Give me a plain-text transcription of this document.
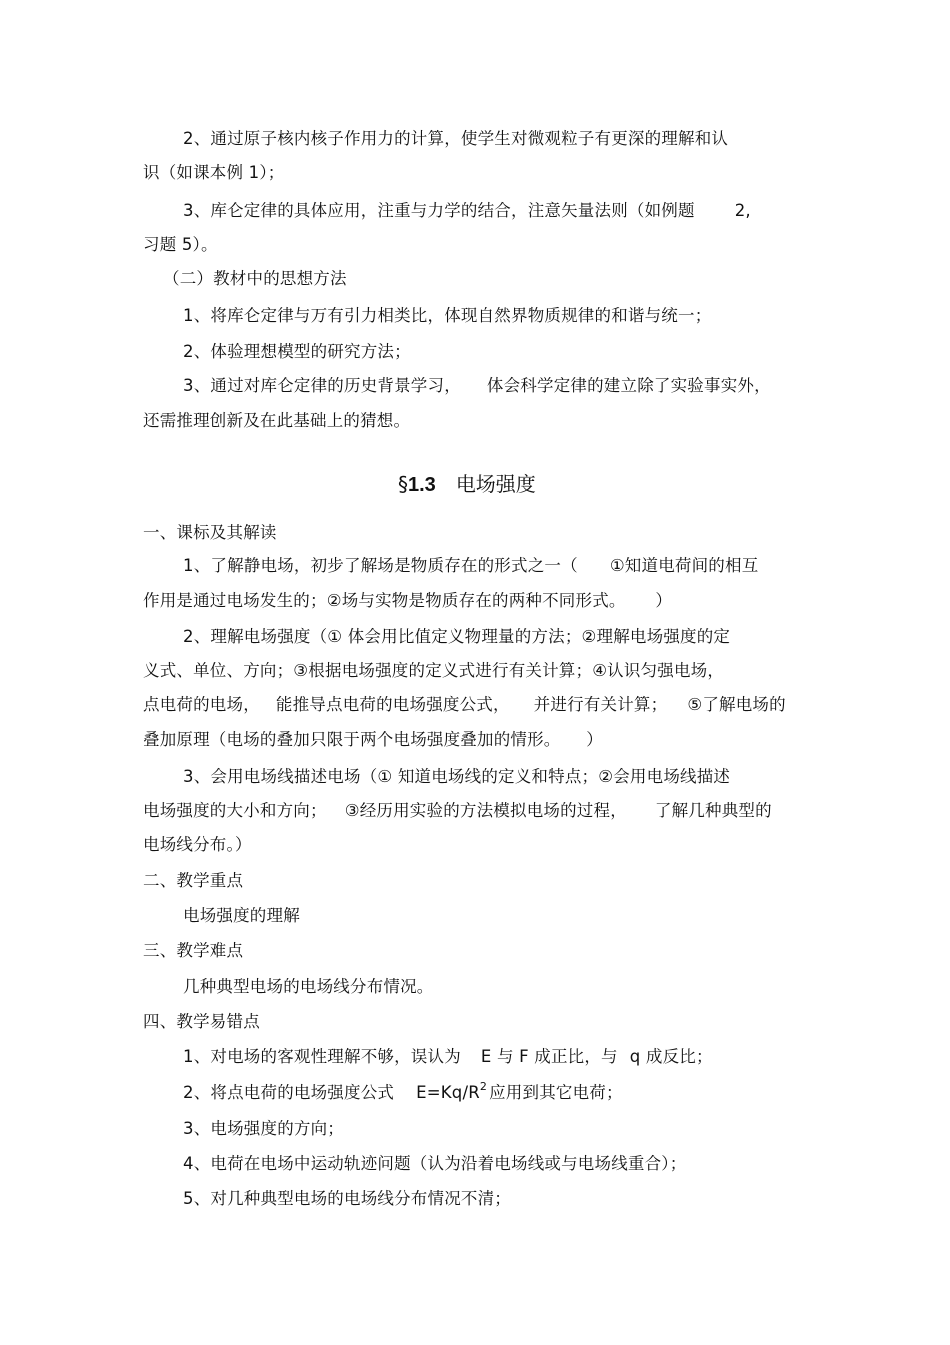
2、通过原子核内核子作用力的计算，使学生对微观粒子有更深的理解和认
识（如课本例 1）；
3、库仑定律的具体应用，注重与力学的结合，注意矢量法则（如例题 2,
习题 5）。
（二）教材中的思想方法
1、将库仑定律与万有引力相类比，体现自然界物质规律的和谐与统一；
2、体验理想模型的研究方法；
3、通过对库仑定律的历史背景学习， 体会科学定律的建立除了实验事实外，
还需推理创新及在此基础上的猜想。
§1.3 电场强度
一、课标及其解读
1、了解静电场，初步了解场是物质存在的形式之一（ ①知道电荷间的相互
作用是通过电场发生的；②场与实物是物质存在的两种不同形式。 ）
2、理解电场强度（① 体会用比值定义物理量的方法；②理解电场强度的定
义式、单位、方向；③根据电场强度的定义式进行有关计算；④认识匀强电场，
点电荷的电场， 能推导点电荷的电场强度公式， 并进行有关计算； ⑤了解电场的
叠加原理（电场的叠加只限于两个电场强度叠加的情形。 ）
3、会用电场线描述电场（① 知道电场线的定义和特点；②会用电场线描述
电场强度的大小和方向； ③经历用实验的方法模拟电场的过程， 了解几种典型的
电场线分布。）
二、教学重点
电场强度的理解
三、教学难点
几种典型电场的电场线分布情况。
四、教学易错点
1、对电场的客观性理解不够，误认为 E 与 F 成正比，与 q 成反比；
2、将点电荷的电场强度公式 $E=Kq/R^2$ 应用到其它电荷；
3、电场强度的方向；
4、电荷在电场中运动轨迹问题（认为沿着电场线或与电场线重合）；
5、对几种典型电场的电场线分布情况不清；
